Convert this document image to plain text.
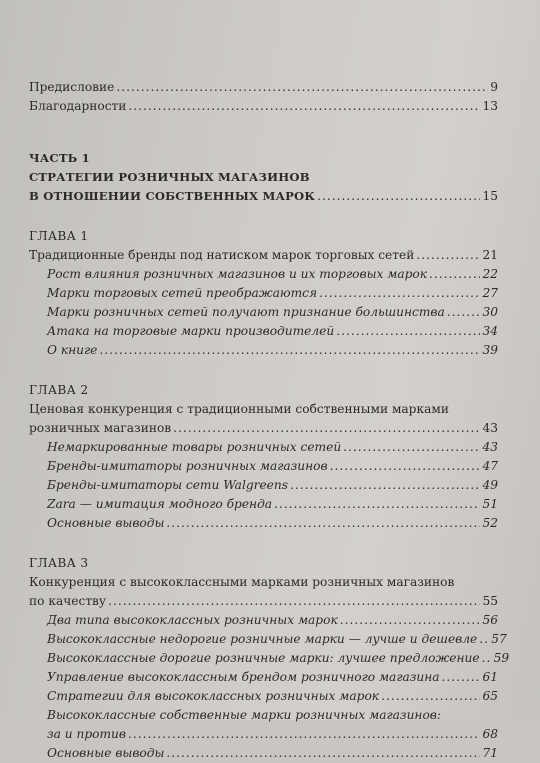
Предисловие .....	9
Благодарности .....	13
ЧАСТЬ 1
СТРАТЕГИИ РОЗНИЧНЫХ МАГАЗИНОВ
В ОТНОШЕНИИ СОБСТВЕННЫХ МАРОК .....	15
ГЛАВА 1
Традиционные бренды под натиском марок торговых сетей .....	21
Рост влияния розничных магазинов и их торговых марок .....	22
Марки торговых сетей преображаются .....	27
Марки розничных сетей получают признание большинства .....	30
Атака на торговые марки производителей .....	34
О книге .....	39
ГЛАВА 2
Ценовая конкуренция с традиционными собственными марками
розничных магазинов .....	43
Немаркированные товары розничных сетей .....	43
Бренды-имитаторы розничных магазинов .....	47
Бренды-имитаторы сети Walgreens .....	49
Zara — имитация модного бренда .....	51
Основные выводы .....	52
ГЛАВА 3
Конкуренция с высококлассными марками розничных магазинов
по качеству .....	55
Два типа высококлассных розничных марок .....	56
Высококлассные недорогие розничные марки — лучше и дешевле ..... 57
Высококлассные дорогие розничные марки: лучшее предложение ..... 59
Управление высококлассным брендом розничного магазина .....	61
Стратегии для высококлассных розничных марок .....	65
Высококлассные собственные марки розничных магазинов:
за и против .....	68
Основные выводы .....	71
